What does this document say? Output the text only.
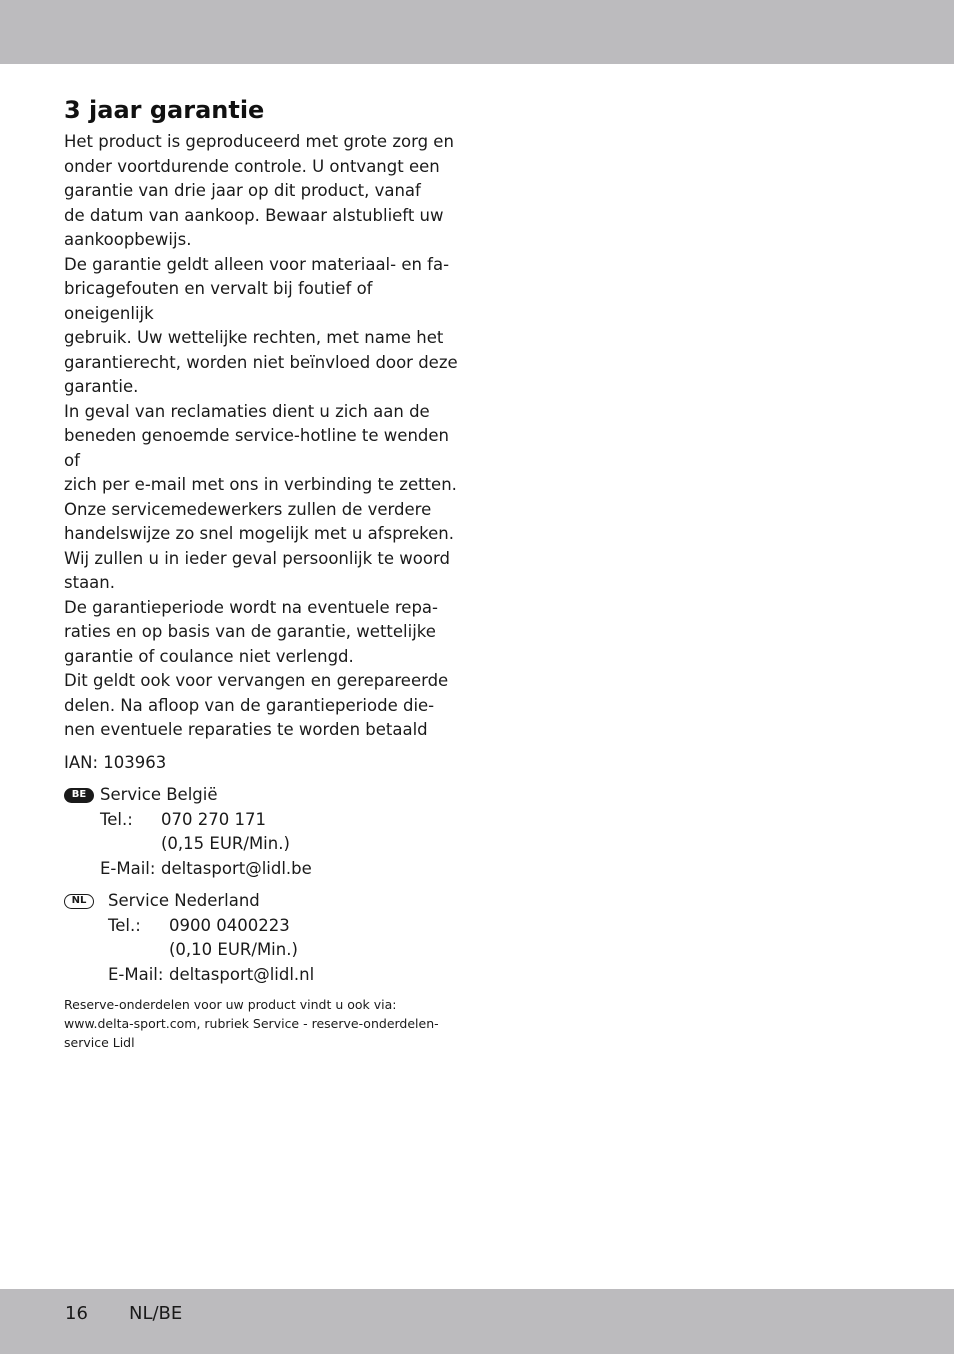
3 jaar garantie

Het product is geproduceerd met grote zorg en
onder voortdurende controle. U ontvangt een
garantie van drie jaar op dit product, vanaf
de datum van aankoop. Bewaar alstublieft uw
aankoopbewijs.

De garantie geldt alleen voor materiaal- en fa-
bricagefouten en vervalt bij foutief of oneigenlijk
gebruik. Uw wettelijke rechten, met name het
garantierecht, worden niet beïnvloed door deze
garantie.

In geval van reclamaties dient u zich aan de
beneden genoemde service-hotline te wenden of
zich per e-mail met ons in verbinding te zetten.
Onze servicemedewerkers zullen de verdere
handelswijze zo snel mogelijk met u afspreken.
Wij zullen u in ieder geval persoonlijk te woord
staan.

De garantieperiode wordt na eventuele repa-
raties en op basis van de garantie, wettelijke
garantie of coulance niet verlengd.

Dit geldt ook voor vervangen en gerepareerde
delen. Na afloop van de garantieperiode die-
nen eventuele reparaties te worden betaald

IAN: 103963
BE Service België
Tel.:	070 270 171
(0,15 EUR/Min.)
E-Mail: deltasport@lidl.be
NL	Service Nederland
Tel.:	0900 0400223
(0,10 EUR/Min.)
E-Mail: deltasport@lidl.nl
Reserve-onderdelen voor uw product vindt u ook via:
www.delta-sport.com, rubriek Service - reserve-onderdelen-
service Lidl
16 NL/BE
